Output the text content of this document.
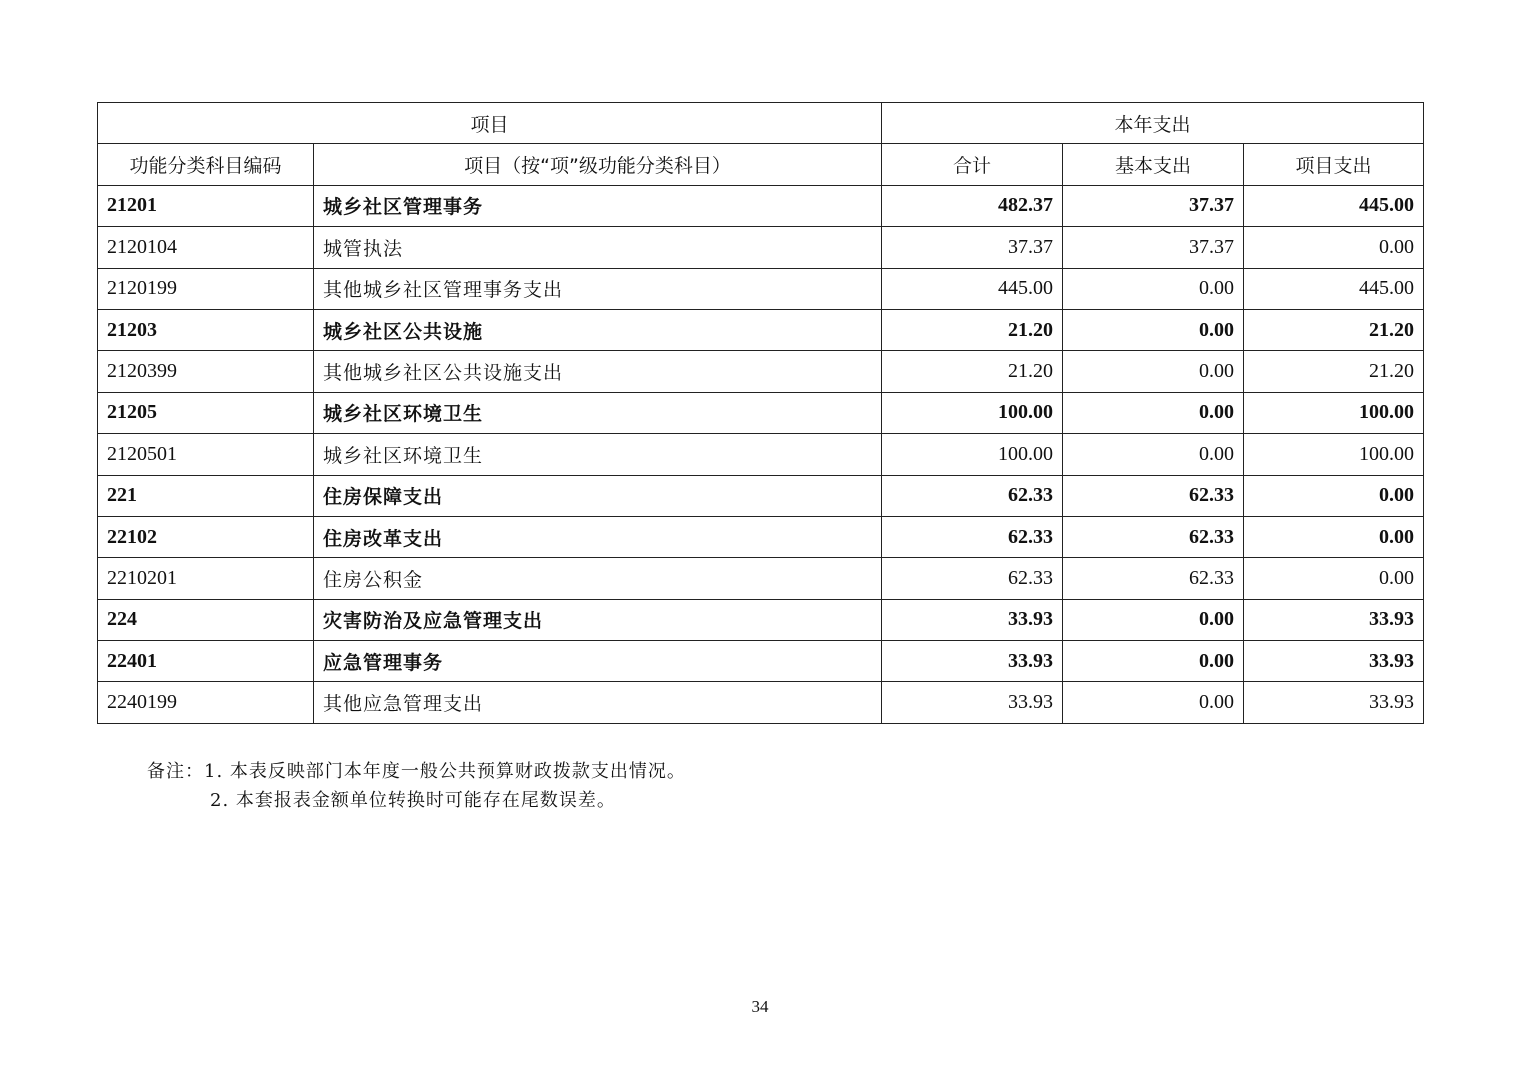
项目		本年支出		
功能分类科目编码	项目（按“项”级功能分类科目）	合计	基本支出	项目支出
21201	城乡社区管理事务	482.37	37.37	445.00
2120104	城管执法	37.37	37.37	0.00
2120199	其他城乡社区管理事务支出	445.00	0.00	445.00
21203	城乡社区公共设施	21.20	0.00	21.20
2120399	其他城乡社区公共设施支出	21.20	0.00	21.20
21205	城乡社区环境卫生	100.00	0.00	100.00
2120501	城乡社区环境卫生	100.00	0.00	100.00
221	住房保障支出	62.33	62.33	0.00
22102	住房改革支出	62.33	62.33	0.00
2210201	住房公积金	62.33	62.33	0.00
224	灾害防治及应急管理支出	33.93	0.00	33.93
22401	应急管理事务	33.93	0.00	33.93
2240199	其他应急管理支出	33.93	0.00	33.93
备注：1. 本表反映部门本年度一般公共预算财政拨款支出情况。
2. 本套报表金额单位转换时可能存在尾数误差。
34
